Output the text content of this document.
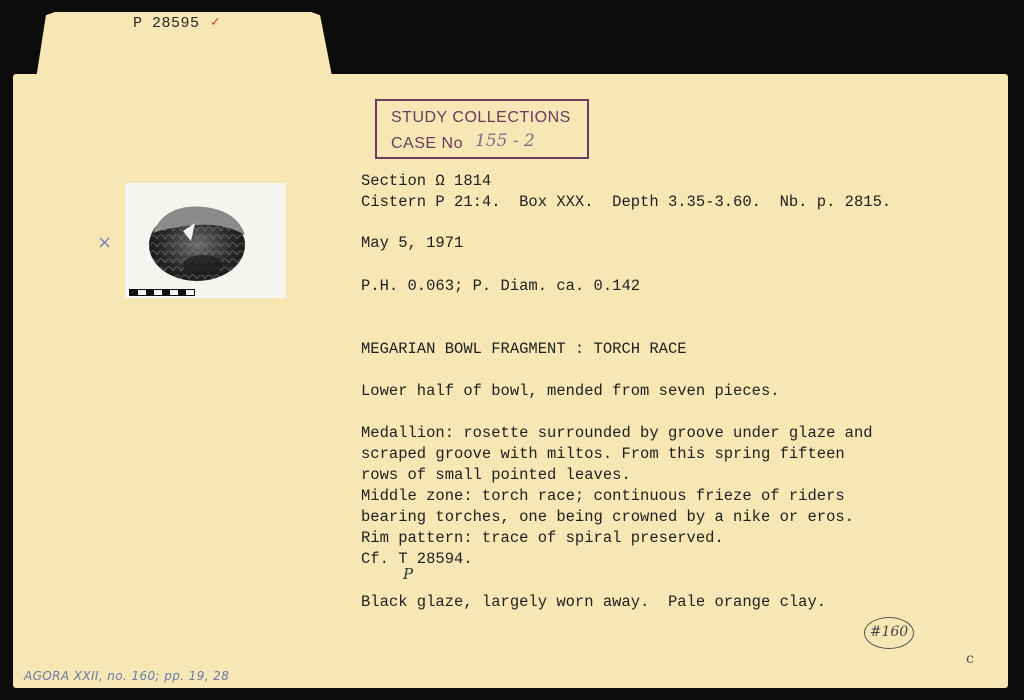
P 28595 ✓
STUDY COLLECTIONS
CASE No 155 - 2
×
Section Ω 1814
Cistern P 21:4.  Box XXX.  Depth 3.35-3.60.  Nb. p. 2815.
May 5, 1971
P.H. 0.063; P. Diam. ca. 0.142
MEGARIAN BOWL FRAGMENT : TORCH RACE
Lower half of bowl, mended from seven pieces.
Medallion: rosette surrounded by groove under glaze and
scraped groove with miltos. From this spring fifteen
rows of small pointed leaves.
Middle zone: torch race; continuous frieze of riders
bearing torches, one being crowned by a nike or eros.
Rim pattern: trace of spiral preserved.
Cf. T 28594.
P
Black glaze, largely worn away.  Pale orange clay.
#160
c
AGORA XXII, no. 160; pp. 19, 28
